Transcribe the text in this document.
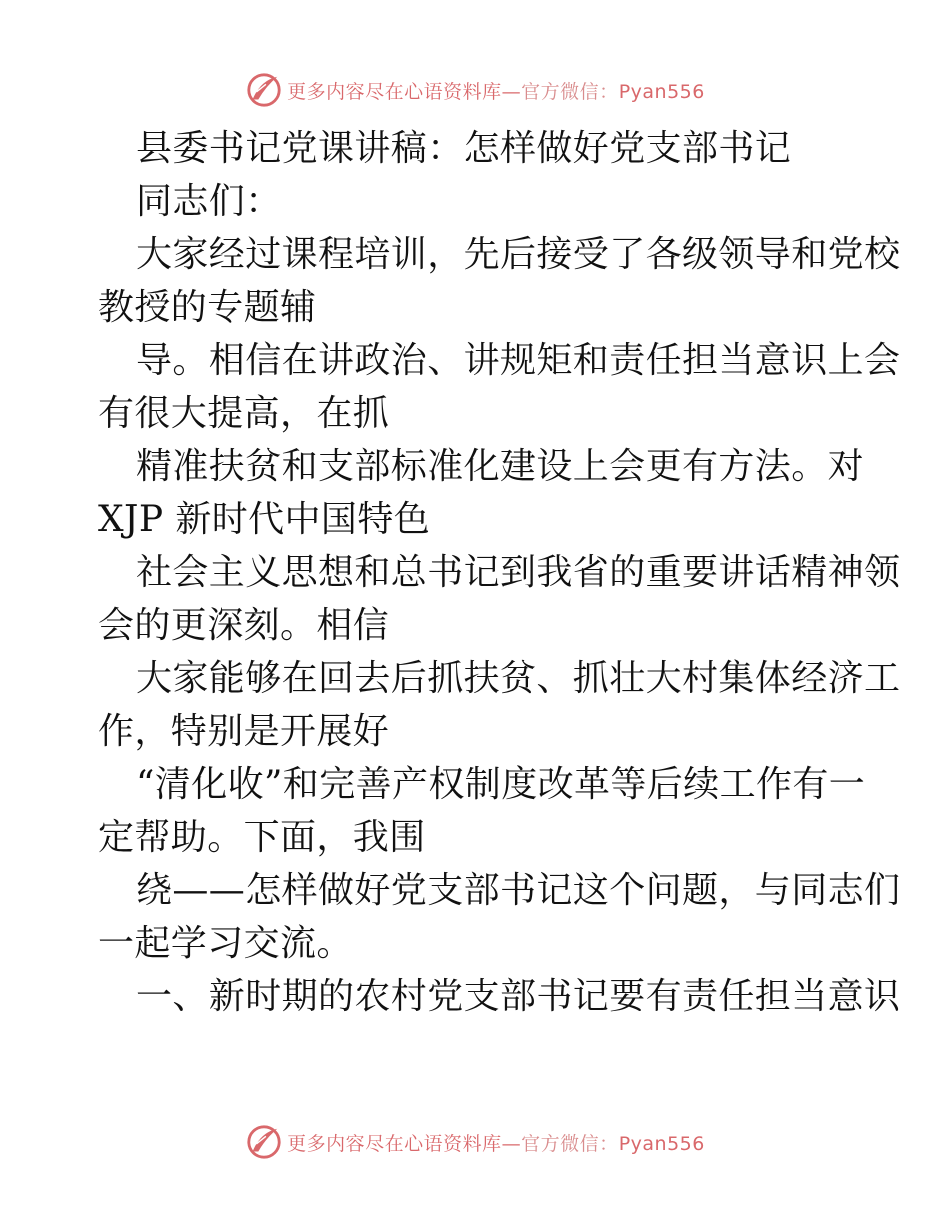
更多内容尽在心语资料库—官方微信：Pyan556

县委书记党课讲稿：怎样做好党支部书记

同志们：

大家经过课程培训，先后接受了各级领导和党校

教授的专题辅

导。相信在讲政治、讲规矩和责任担当意识上会

有很大提高，在抓

精准扶贫和支部标准化建设上会更有方法。对

XJP 新时代中国特色

社会主义思想和总书记到我省的重要讲话精神领

会的更深刻。相信

大家能够在回去后抓扶贫、抓壮大村集体经济工

作，特别是开展好

“清化收”和完善产权制度改革等后续工作有一

定帮助。下面，我围

绕——怎样做好党支部书记这个问题，与同志们

一起学习交流。

一、新时期的农村党支部书记要有责任担当意识

更多内容尽在心语资料库—官方微信：Pyan556
